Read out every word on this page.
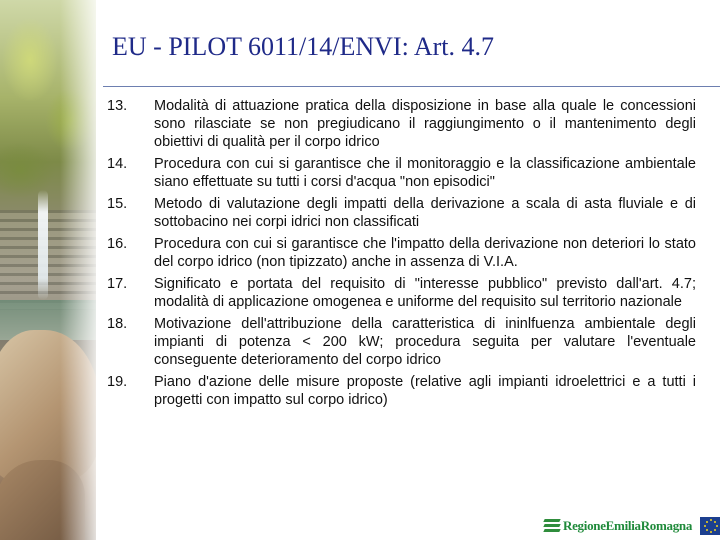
EU - PILOT 6011/14/ENVI: Art. 4.7
13. Modalità di attuazione pratica della disposizione in base alla quale le concessioni sono rilasciate se non pregiudicano il raggiungimento o il mantenimento degli obiettivi di qualità per il corpo idrico
14. Procedura con cui si garantisce che il monitoraggio e la classificazione ambientale siano effettuate su tutti i corsi d'acqua "non episodici"
15. Metodo di valutazione degli impatti della derivazione a scala di asta fluviale e di sottobacino nei corpi idrici non classificati
16. Procedura con cui si garantisce che l'impatto della derivazione non deteriori lo stato del corpo idrico (non tipizzato) anche in assenza di V.I.A.
17. Significato e portata del requisito di "interesse pubblico" previsto dall'art. 4.7; modalità di applicazione omogenea e uniforme del requisito sul territorio nazionale
18. Motivazione dell'attribuzione della caratteristica di ininlfuenza ambientale degli impianti di potenza < 200 kW; procedura seguita per valutare l'eventuale conseguente deterioramento del corpo idrico
19. Piano d'azione delle misure proposte (relative agli impianti idroelettrici e a tutti i progetti con impatto sul corpo idrico)
RegioneEmiliaRomagna
